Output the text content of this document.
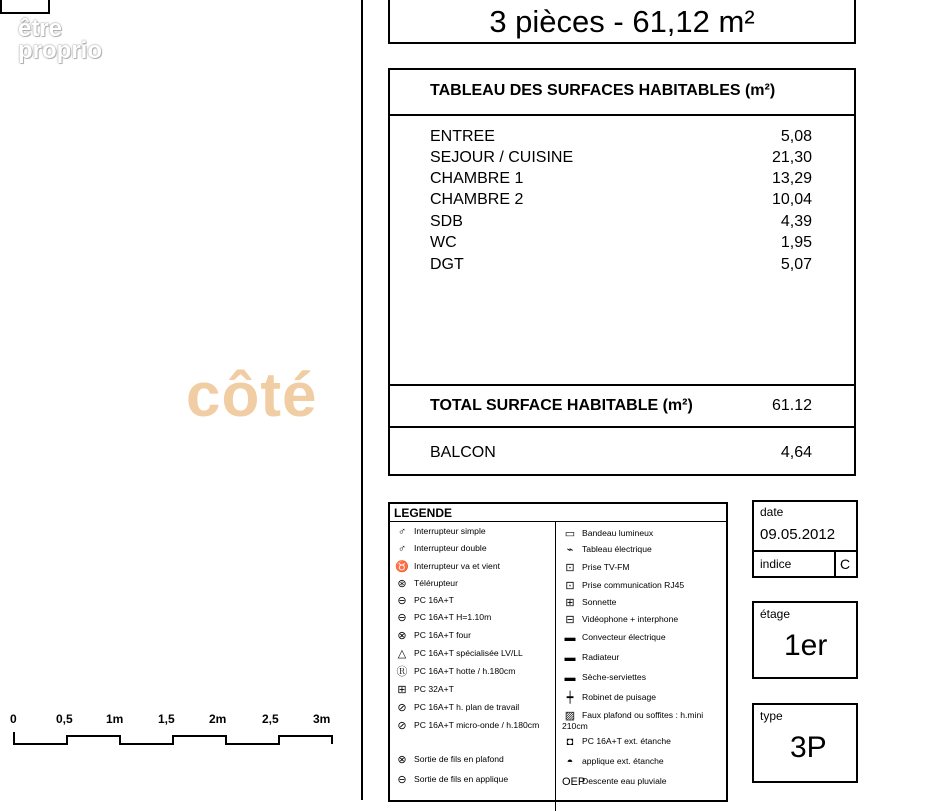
être
proprio
3 pièces - 61,12 m²
TABLEAU DES SURFACES HABITABLES (m²)
ENTREE	5,08
SEJOUR / CUISINE	21,30
CHAMBRE 1	13,29
CHAMBRE 2	10,04
SDB	4,39
WC	1,95
DGT	5,07
TOTAL SURFACE HABITABLE (m²)	61.12
BALCON	4,64
côté
LEGENDE
♂ Interrupteur simple
♂ Interrupteur double
♉ Interrupteur va et vient
⊛ Télérupteur
⊖ PC 16A+T
⊖ PC 16A+T H=1.10m
⊗ PC 16A+T four
△ PC 16A+T spécialisée LV/LL
Ⓡ PC 16A+T hotte / h.180cm
⊞ PC 32A+T
⊘ PC 16A+T h. plan de travail
⊘ PC 16A+T micro-onde / h.180cm
⊗ Sortie de fils en plafond
⊖ Sortie de fils en applique
▭ Bandeau lumineux
⌁ Tableau électrique
⊡ Prise TV-FM
⊡ Prise communication RJ45
⊞ Sonnette
⊟ Vidéophone + interphone
▬ Convecteur électrique
▬ Radiateur
▬ Sèche-serviettes
┿ Robinet de puisage
▨ Faux plafond ou soffites : h.mini 210cm
◘ PC 16A+T ext. étanche
◓ applique ext. étanche
OEPDescente eau pluviale
date
09.05.2012
indice	C
étage
1er
type
3P
0	0,5	1m	1,5	2m	2,5	3m
